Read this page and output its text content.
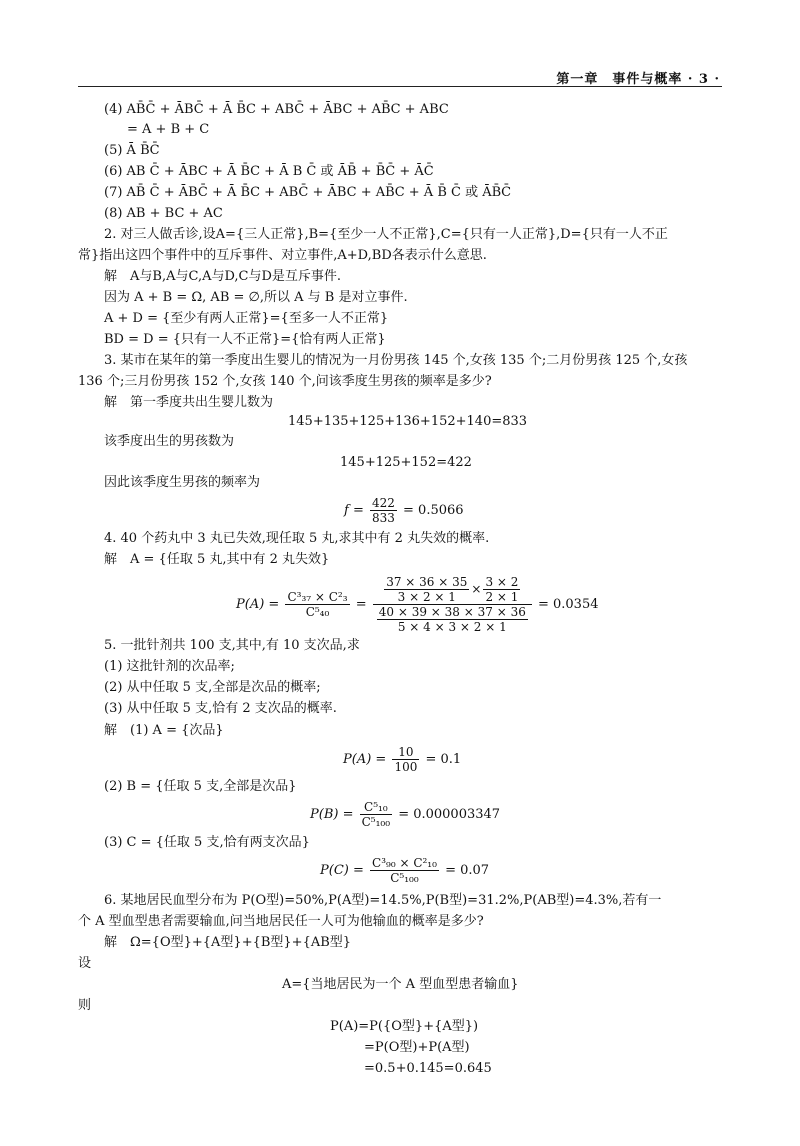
第一章　事件与概率 · 3 ·
(4) AB̄C̄ + ĀBC̄ + Ā B̄C + ABC̄ + ĀBC + AB̄C + ABC
= A + B + C
(5) Ā B̄C̄
(6) AB C̄ + ĀBC + Ā B̄C + Ā B C̄ 或 ĀB̄ + B̄C̄ + ĀC̄
(7) AB̄ C̄ + ĀBC̄ + Ā B̄C + ABC̄ + ĀBC + AB̄C + Ā B̄ C̄ 或 ĀB̄C̄
(8) AB + BC + AC
2. 对三人做舌诊,设A={三人正常},B={至少一人不正常},C={只有一人正常},D={只有一人不正
常}指出这四个事件中的互斥事件、对立事件,A+D,BD各表示什么意思.
解　A与B,A与C,A与D,C与D是互斥事件.
因为 A + B = Ω, AB = ∅,所以 A 与 B 是对立事件.
A + D = {至少有两人正常}={至多一人不正常}
BD = D = {只有一人不正常}={恰有两人正常}
3. 某市在某年的第一季度出生婴儿的情况为一月份男孩 145 个,女孩 135 个;二月份男孩 125 个,女孩
136 个;三月份男孩 152 个,女孩 140 个,问该季度生男孩的频率是多少?
解　第一季度共出生婴儿数为
145+135+125+136+152+140=833
该季度出生的男孩数为
145+125+152=422
因此该季度生男孩的频率为
$f = \frac{422}{833} = 0.5066$
4. 40 个药丸中 3 丸已失效,现任取 5 丸,求其中有 2 丸失效的概率.
解　A = {任取 5 丸,其中有 2 丸失效}
$P(A) = \frac{\text{C³₃₇ × C²₃}}{\text{C⁵₄₀}}$ =
$\frac{37 \times 36 \times 35}{3 \times 2 \times 1} \times \frac{3 \times 2}{2 \times 1}$
$\frac{40 \times 39 \times 38 \times 37 \times 36}{5 \times 4 \times 3 \times 2 \times 1}$
= 0.0354
5. 一批针剂共 100 支,其中,有 10 支次品,求
(1) 这批针剂的次品率;
(2) 从中任取 5 支,全部是次品的概率;
(3) 从中任取 5 支,恰有 2 支次品的概率.
解　(1) A = {次品}
$P(A) = \frac{10}{100} = 0.1$
(2) B = {任取 5 支,全部是次品}
$P(B) = \frac{\text{C⁵₁₀}}{\text{C⁵₁₀₀}} = 0.000003347$
(3) C = {任取 5 支,恰有两支次品}
$P(C) = \frac{\text{C³₉₀ × C²₁₀}}{\text{C⁵₁₀₀}} = 0.07$
6. 某地居民血型分布为 P(O型)=50%,P(A型)=14.5%,P(B型)=31.2%,P(AB型)=4.3%,若有一
个 A 型血型患者需要输血,问当地居民任一人可为他输血的概率是多少?
解　Ω={O型}+{A型}+{B型}+{AB型}
设
A={当地居民为一个 A 型血型患者输血}
则
P(A)=P({O型}+{A型})
=P(O型)+P(A型)
=0.5+0.145=0.645
